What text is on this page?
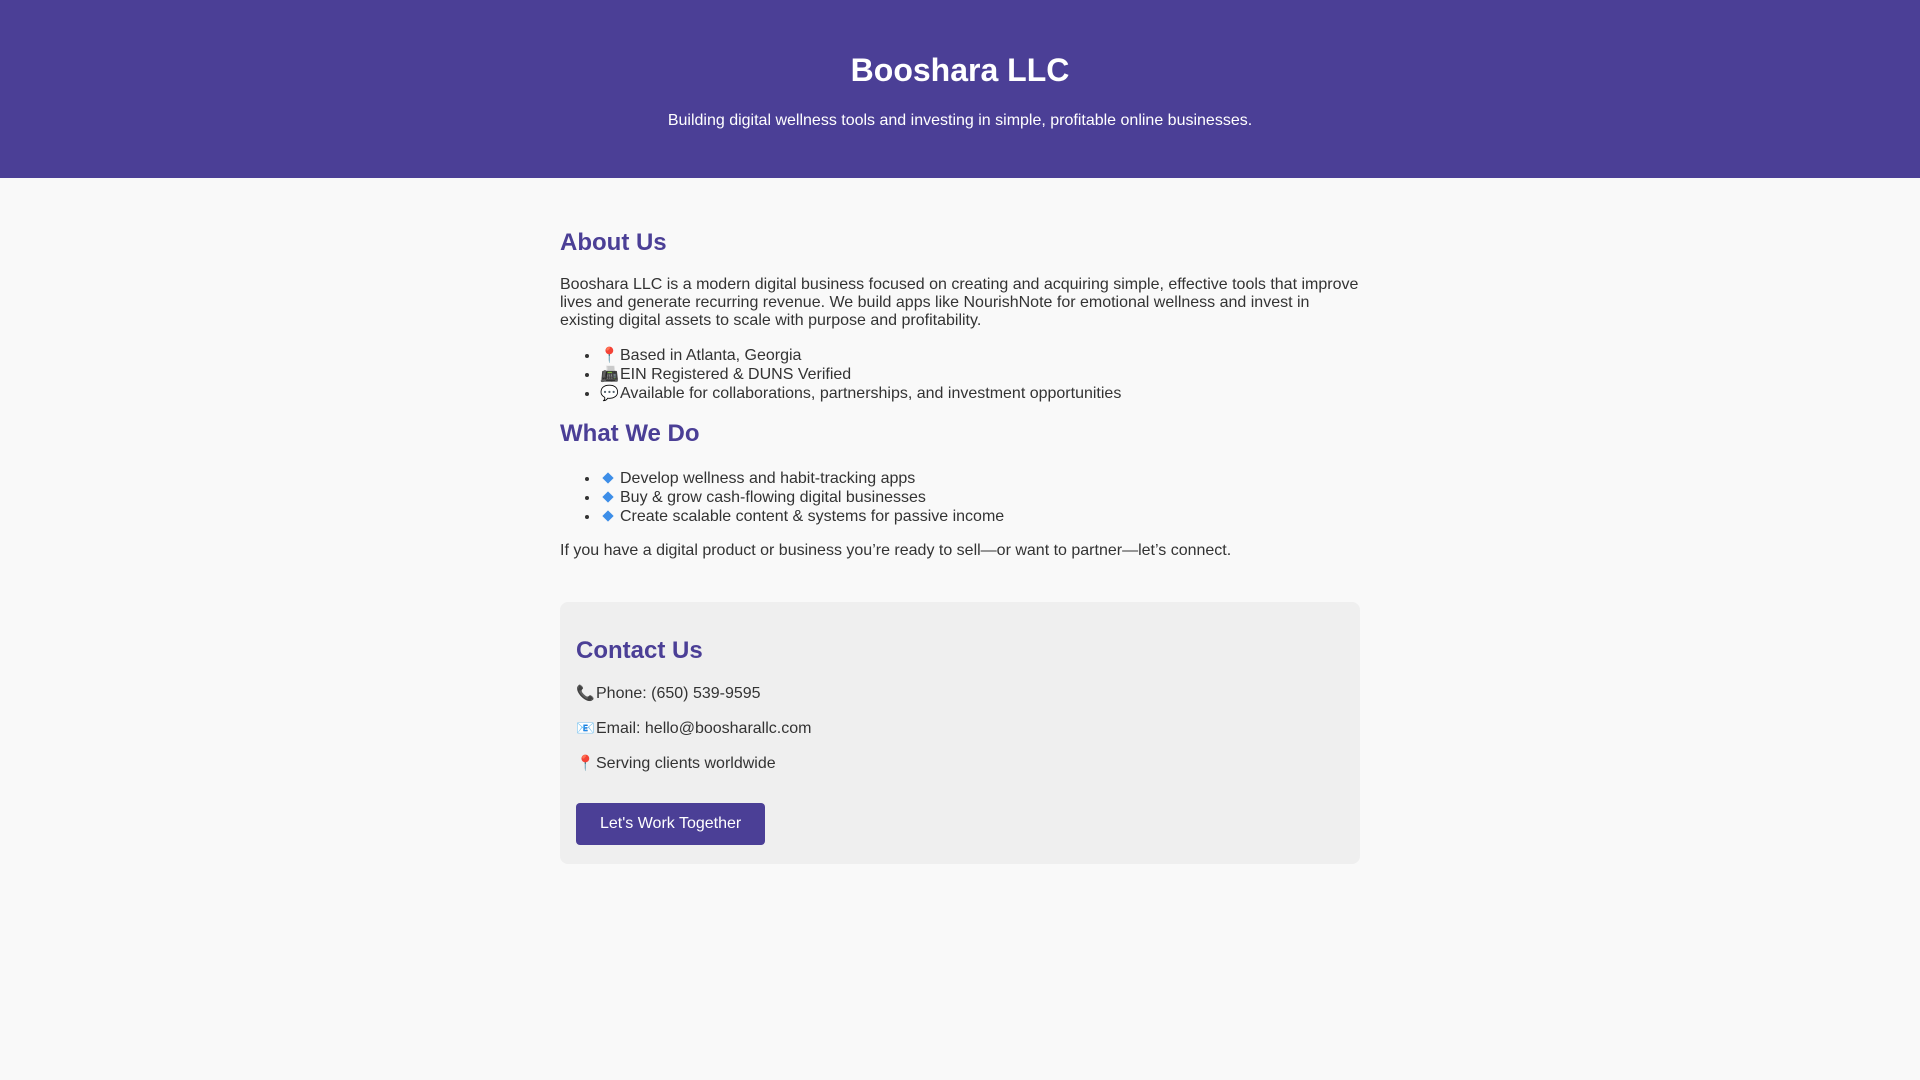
Booshara LLC

Building digital wellness tools and investing in simple, profitable online businesses.

About Us

Booshara LLC is a modern digital business focused on creating and acquiring simple, effective tools that improve lives and generate recurring revenue. We build apps like NourishNote for emotional wellness and invest in existing digital assets to scale with purpose and profitability.

• 📍Based in Atlanta, Georgia
• 📠EIN Registered & DUNS Verified
• 💬Available for collaborations, partnerships, and investment opportunities
What We Do
• Develop wellness and habit-tracking apps
• Buy & grow cash-flowing digital businesses
• Create scalable content & systems for passive income

If you have a digital product or business you’re ready to sell—or want to partner—let’s connect.

Contact Us

📞Phone: (650) 539-9595

📧Email: hello@boosharallc.com

📍Serving clients worldwide

Let's Work Together
